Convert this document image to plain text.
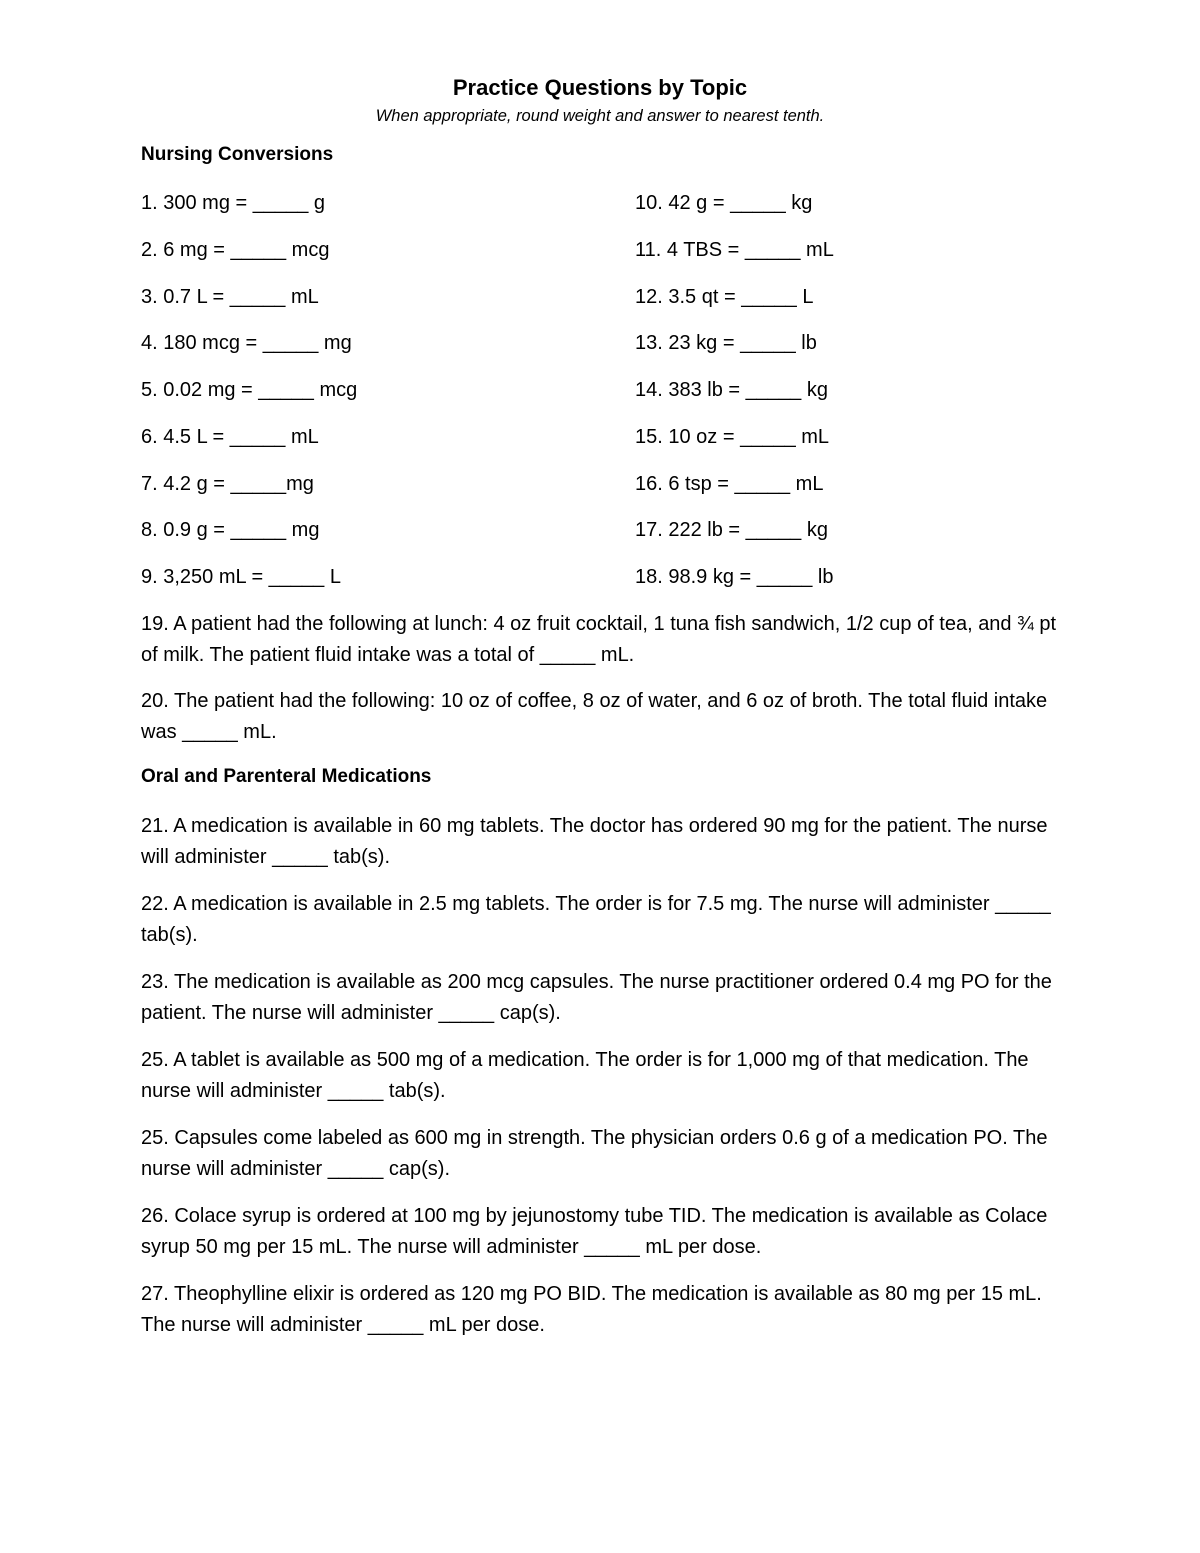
Practice Questions by Topic
When appropriate, round weight and answer to nearest tenth.
Nursing Conversions
1. 300 mg = _____ g	10. 42 g = _____ kg
2. 6 mg = _____ mcg	11. 4 TBS = _____ mL
3. 0.7 L = _____ mL	12. 3.5 qt = _____ L
4. 180 mcg = _____ mg	13. 23 kg = _____ lb
5. 0.02 mg = _____ mcg	14. 383 lb = _____ kg
6. 4.5 L = _____ mL	15. 10 oz = _____ mL
7. 4.2 g = _____mg	16. 6 tsp = _____ mL
8. 0.9 g = _____ mg	17. 222 lb = _____ kg
9. 3,250 mL = _____ L	18. 98.9 kg = _____ lb

19. A patient had the following at lunch: 4 oz fruit cocktail, 1 tuna fish sandwich, 1/2 cup of tea, and ¾ pt of milk. The patient fluid intake was a total of _____ mL.

20. The patient had the following: 10 oz of coffee, 8 oz of water, and 6 oz of broth. The total fluid intake was _____ mL.

Oral and Parenteral Medications

21. A medication is available in 60 mg tablets. The doctor has ordered 90 mg for the patient. The nurse will administer _____ tab(s).

22. A medication is available in 2.5 mg tablets. The order is for 7.5 mg. The nurse will administer _____ tab(s).

23. The medication is available as 200 mcg capsules. The nurse practitioner ordered 0.4 mg PO for the patient. The nurse will administer _____ cap(s).

25. A tablet is available as 500 mg of a medication. The order is for 1,000 mg of that medication. The nurse will administer _____ tab(s).

25. Capsules come labeled as 600 mg in strength. The physician orders 0.6 g of a medication PO. The nurse will administer _____ cap(s).

26. Colace syrup is ordered at 100 mg by jejunostomy tube TID. The medication is available as Colace syrup 50 mg per 15 mL. The nurse will administer _____ mL per dose.

27. Theophylline elixir is ordered as 120 mg PO BID. The medication is available as 80 mg per 15 mL. The nurse will administer _____ mL per dose.
